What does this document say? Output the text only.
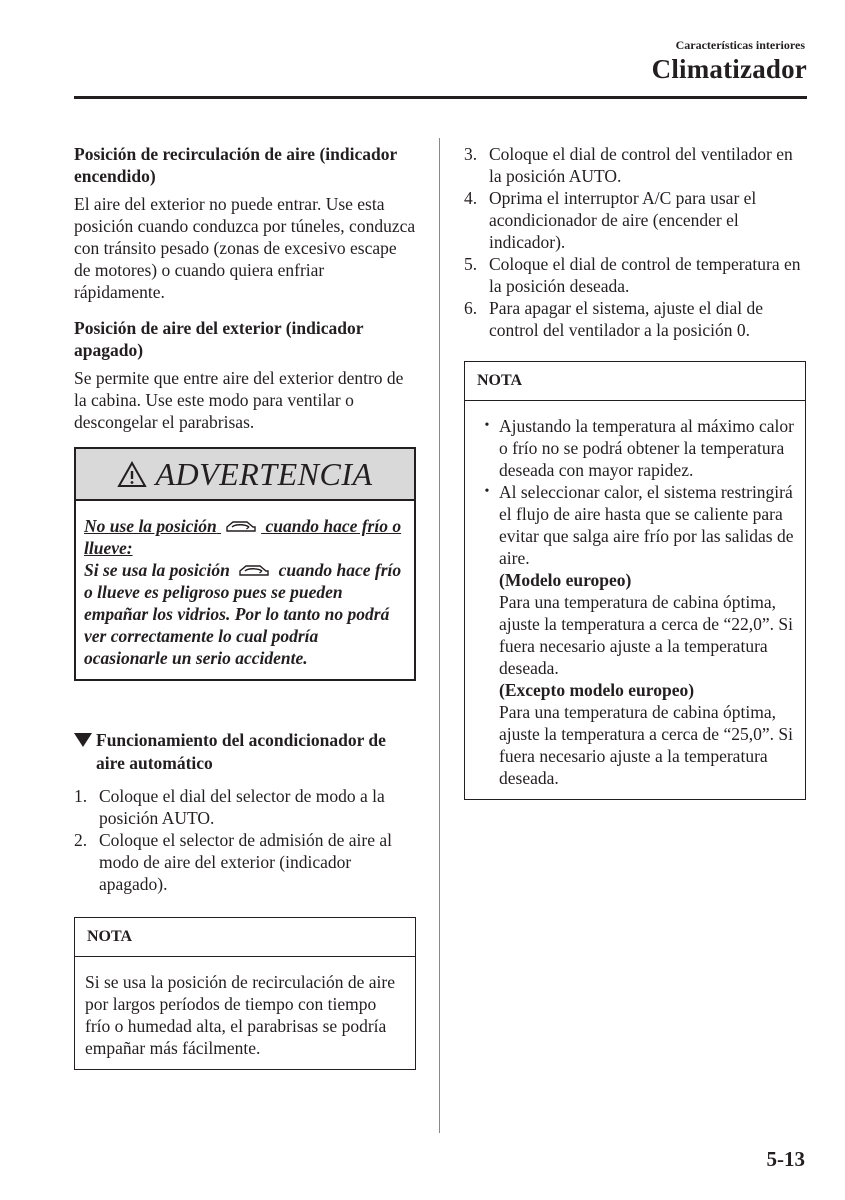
Características interiores
Climatizador

Posición de recirculación de aire (indicador encendido)

El aire del exterior no puede entrar. Use esta posición cuando conduzca por túneles, conduzca con tránsito pesado (zonas de excesivo escape de motores) o cuando quiera enfriar rápidamente.

Posición de aire del exterior (indicador apagado)

Se permite que entre aire del exterior dentro de la cabina. Use este modo para ventilar o descongelar el parabrisas.

ADVERTENCIA

No use la posición	cuando hace frío o llueve:

Si se usa la posición	cuando hace frío o llueve es peligroso pues se pueden empañar los vidrios. Por lo tanto no podrá ver correctamente lo cual podría ocasionarle un serio accidente.

Funcionamiento del acondicionador de aire automático
1. Coloque el dial del selector de modo a la posición AUTO.
2. Coloque el selector de admisión de aire al modo de aire del exterior (indicador apagado).
NOTA

Si se usa la posición de recirculación de aire por largos períodos de tiempo con tiempo frío o humedad alta, el parabrisas se podría empañar más fácilmente.

3. Coloque el dial de control del ventilador en la posición AUTO.
4. Oprima el interruptor A/C para usar el acondicionador de aire (encender el indicador).
5. Coloque el dial de control de temperatura en la posición deseada.
6. Para apagar el sistema, ajuste el dial de control del ventilador a la posición 0.
NOTA
• Ajustando la temperatura al máximo calor o frío no se podrá obtener la temperatura deseada con mayor rapidez.
• Al seleccionar calor, el sistema restringirá el flujo de aire hasta que se caliente para evitar que salga aire frío por las salidas de aire.
(Modelo europeo)
Para una temperatura de cabina óptima, ajuste la temperatura a cerca de “22,0”. Si fuera necesario ajuste a la temperatura deseada.
(Excepto modelo europeo)
Para una temperatura de cabina óptima, ajuste la temperatura a cerca de “25,0”. Si fuera necesario ajuste a la temperatura deseada.
5-13
